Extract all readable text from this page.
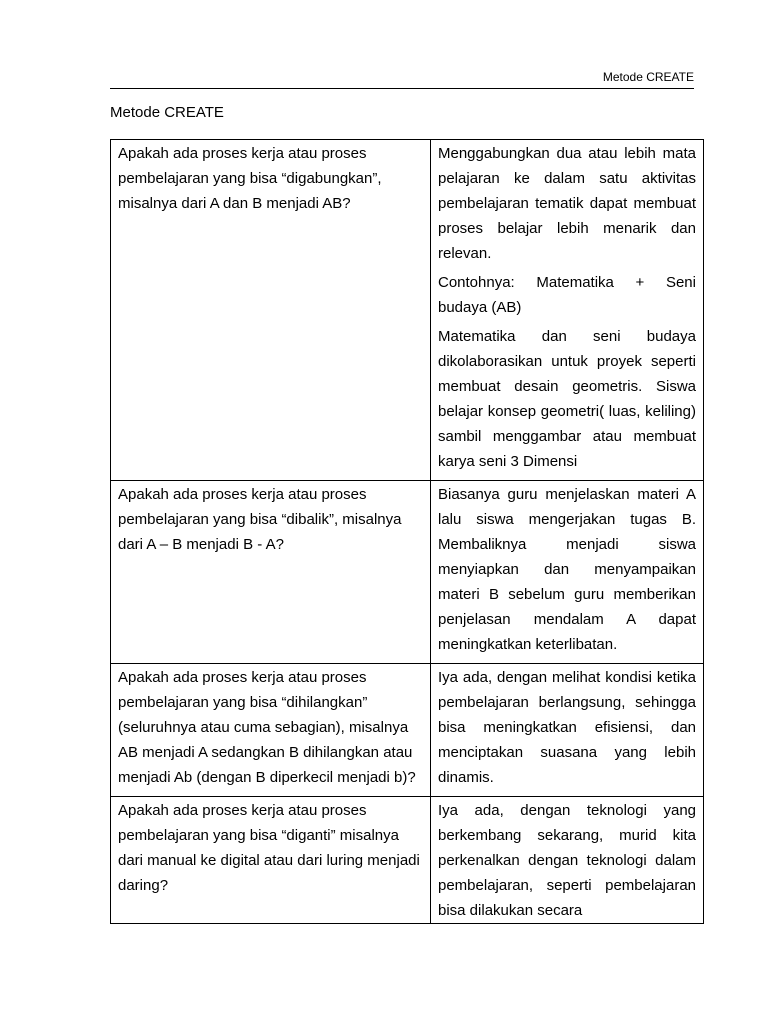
Metode CREATE
Metode CREATE
Apakah ada proses kerja atau proses pembelajaran yang bisa “digabungkan”, misalnya dari A dan B menjadi AB?	Menggabungkan dua atau lebih mata pelajaran ke dalam satu aktivitas pembelajaran tematik dapat membuat proses belajar lebih menarik dan relevan.

Contohnya: Matematika + Seni budaya (AB)

Matematika dan seni budaya dikolaborasikan untuk proyek seperti membuat desain geometris. Siswa belajar konsep geometri( luas, keliling) sambil menggambar atau membuat karya seni 3 Dimensi

Apakah ada proses kerja atau proses pembelajaran yang bisa “dibalik”, misalnya dari A – B menjadi B - A?	Biasanya guru menjelaskan materi A lalu siswa mengerjakan tugas B. Membaliknya menjadi siswa menyiapkan dan menyampaikan materi B sebelum guru memberikan penjelasan mendalam A dapat meningkatkan keterlibatan.

Apakah ada proses kerja atau proses pembelajaran yang bisa “dihilangkan” (seluruhnya atau cuma sebagian), misalnya AB menjadi A sedangkan B dihilangkan atau menjadi Ab (dengan B diperkecil menjadi b)?	Iya ada, dengan melihat kondisi ketika pembelajaran berlangsung, sehingga bisa meningkatkan efisiensi, dan menciptakan suasana yang lebih dinamis.

Apakah ada proses kerja atau proses pembelajaran yang bisa “diganti” misalnya dari manual ke digital atau dari luring menjadi daring?	Iya ada, dengan teknologi yang berkembang sekarang, murid kita perkenalkan dengan teknologi dalam pembelajaran, seperti pembelajaran bisa dilakukan secara
